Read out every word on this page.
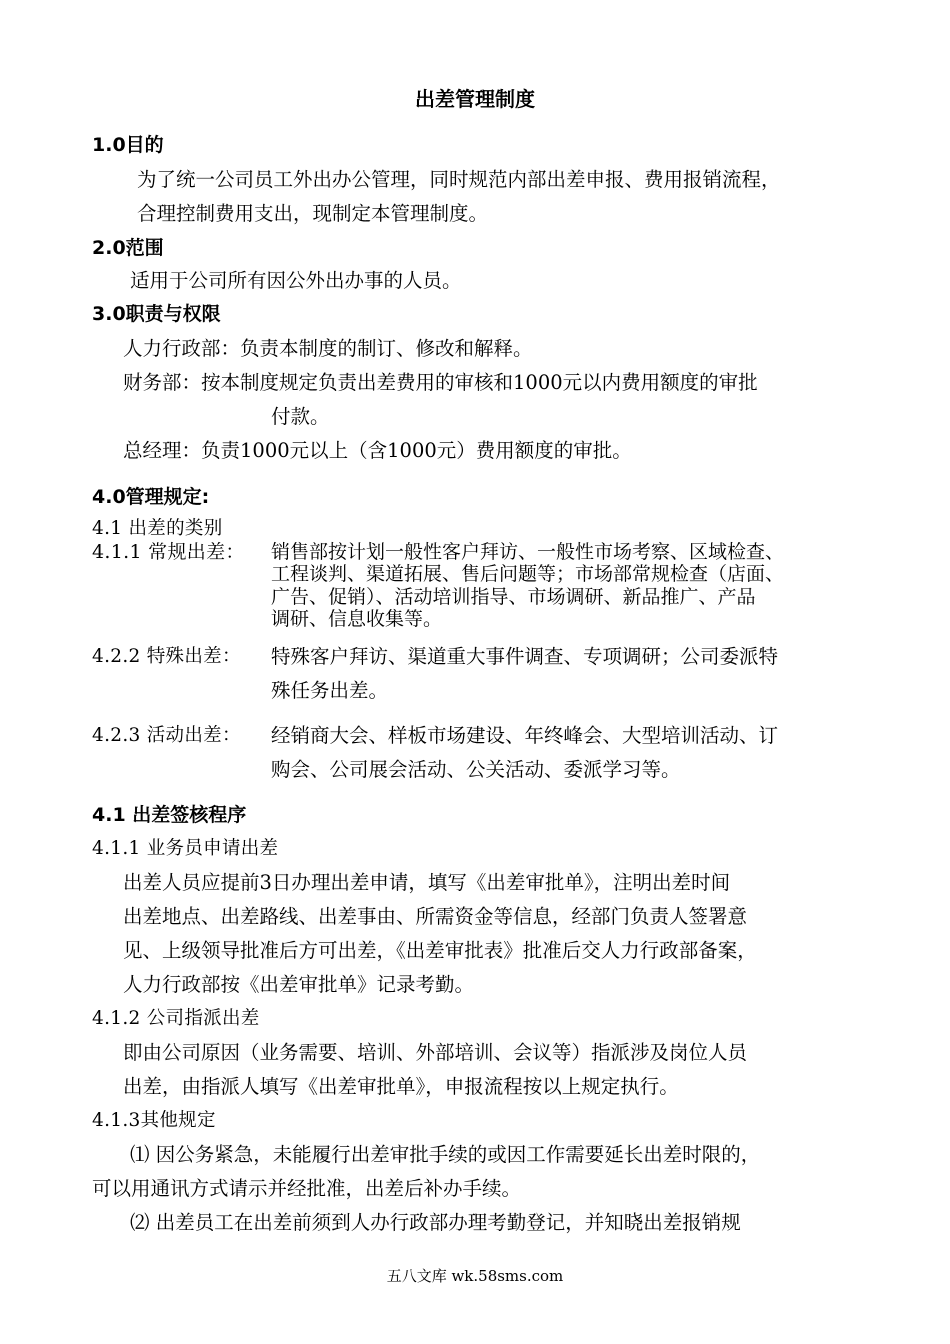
出差管理制度
1.0目的
为了统一公司员工外出办公管理，同时规范内部出差申报、费用报销流程，
合理控制费用支出，现制定本管理制度。
2.0范围
适用于公司所有因公外出办事的人员。
3.0职责与权限
人力行政部：负责本制度的制订、修改和解释。
财务部：按本制度规定负责出差费用的审核和1000元以内费用额度的审批
付款。
总经理：负责1000元以上（含1000元）费用额度的审批。
4.0管理规定:
4.1 出差的类别
4.1.1 常规出差： 销售部按计划一般性客户拜访、一般性市场考察、区域检查、
工程谈判、渠道拓展、售后问题等；市场部常规检查（店面、
广告、促销）、活动培训指导、市场调研、新品推广、产品
调研、信息收集等。
4.2.2 特殊出差： 特殊客户拜访、渠道重大事件调查、专项调研；公司委派特
殊任务出差。
4.2.3 活动出差： 经销商大会、样板市场建设、年终峰会、大型培训活动、订
购会、公司展会活动、公关活动、委派学习等。
4.1 出差签核程序
4.1.1 业务员申请出差
出差人员应提前3日办理出差申请，填写《出差审批单》，注明出差时间
出差地点、出差路线、出差事由、所需资金等信息，经部门负责人签署意
见、上级领导批准后方可出差，《出差审批表》批准后交人力行政部备案，
人力行政部按《出差审批单》记录考勤。
4.1.2 公司指派出差
即由公司原因（业务需要、培训、外部培训、会议等）指派涉及岗位人员
出差，由指派人填写《出差审批单》，申报流程按以上规定执行。
4.1.3其他规定
⑴ 因公务紧急，未能履行出差审批手续的或因工作需要延长出差时限的，
可以用通讯方式请示并经批准，出差后补办手续。
⑵ 出差员工在出差前须到人办行政部办理考勤登记，并知晓出差报销规
五八文库 wk.58sms.com
